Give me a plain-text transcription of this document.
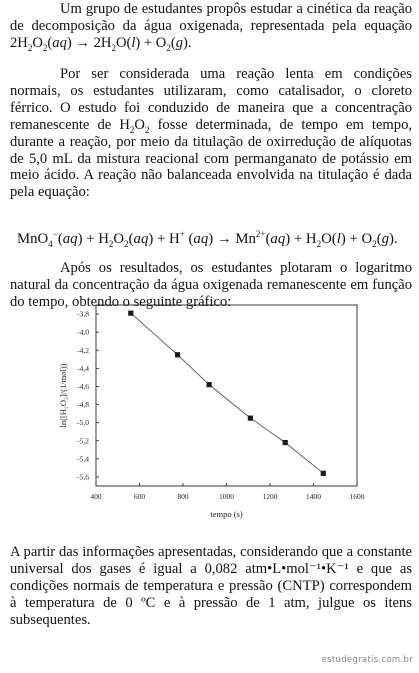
Um grupo de estudantes propôs estudar a cinética da reação de decomposição da água oxigenada, representada pela equação $2H_2O_2(aq) \to 2H_2O(l) + O_2(g)$.

Por ser considerada uma reação lenta em condições normais, os estudantes utilizaram, como catalisador, o cloreto férrico. O estudo foi conduzido de maneira que a concentração remanescente de $H_2O_2$ fosse determinada, de tempo em tempo, durante a reação, por meio da titulação de oxirredução de alíquotas de 5,0 mL da mistura reacional com permanganato de potássio em meio ácido. A reação não balanceada envolvida na titulação é dada pela equação:

$MnO_4^-(aq) + H_2O_2(aq) + H^+$ $(aq) \to Mn^{2+}(aq) + H_2O(l) + O_2(g)$.

Após os resultados, os estudantes plotaram o logaritmo natural da concentração da água oxigenada remanescente em função do tempo, obtendo o seguinte gráfico:

400	600	800	1000	1200	1400	1600
-3,8
-4,0
-4,2
-4,4
-4,6
-4,8
-5,0
-5,2
-5,4
-5,6
tempo (s)
ln([H₂O₂]/(1/mol))

A partir das informações apresentadas, considerando que a constante universal dos gases é igual a 0,082 atm•L•mol⁻¹•K⁻¹ e que as condições normais de temperatura e pressão (CNTP) correspondem à temperatura de 0 ºC e à pressão de 1 atm, julgue os itens subsequentes.

estudegratis.com.br
